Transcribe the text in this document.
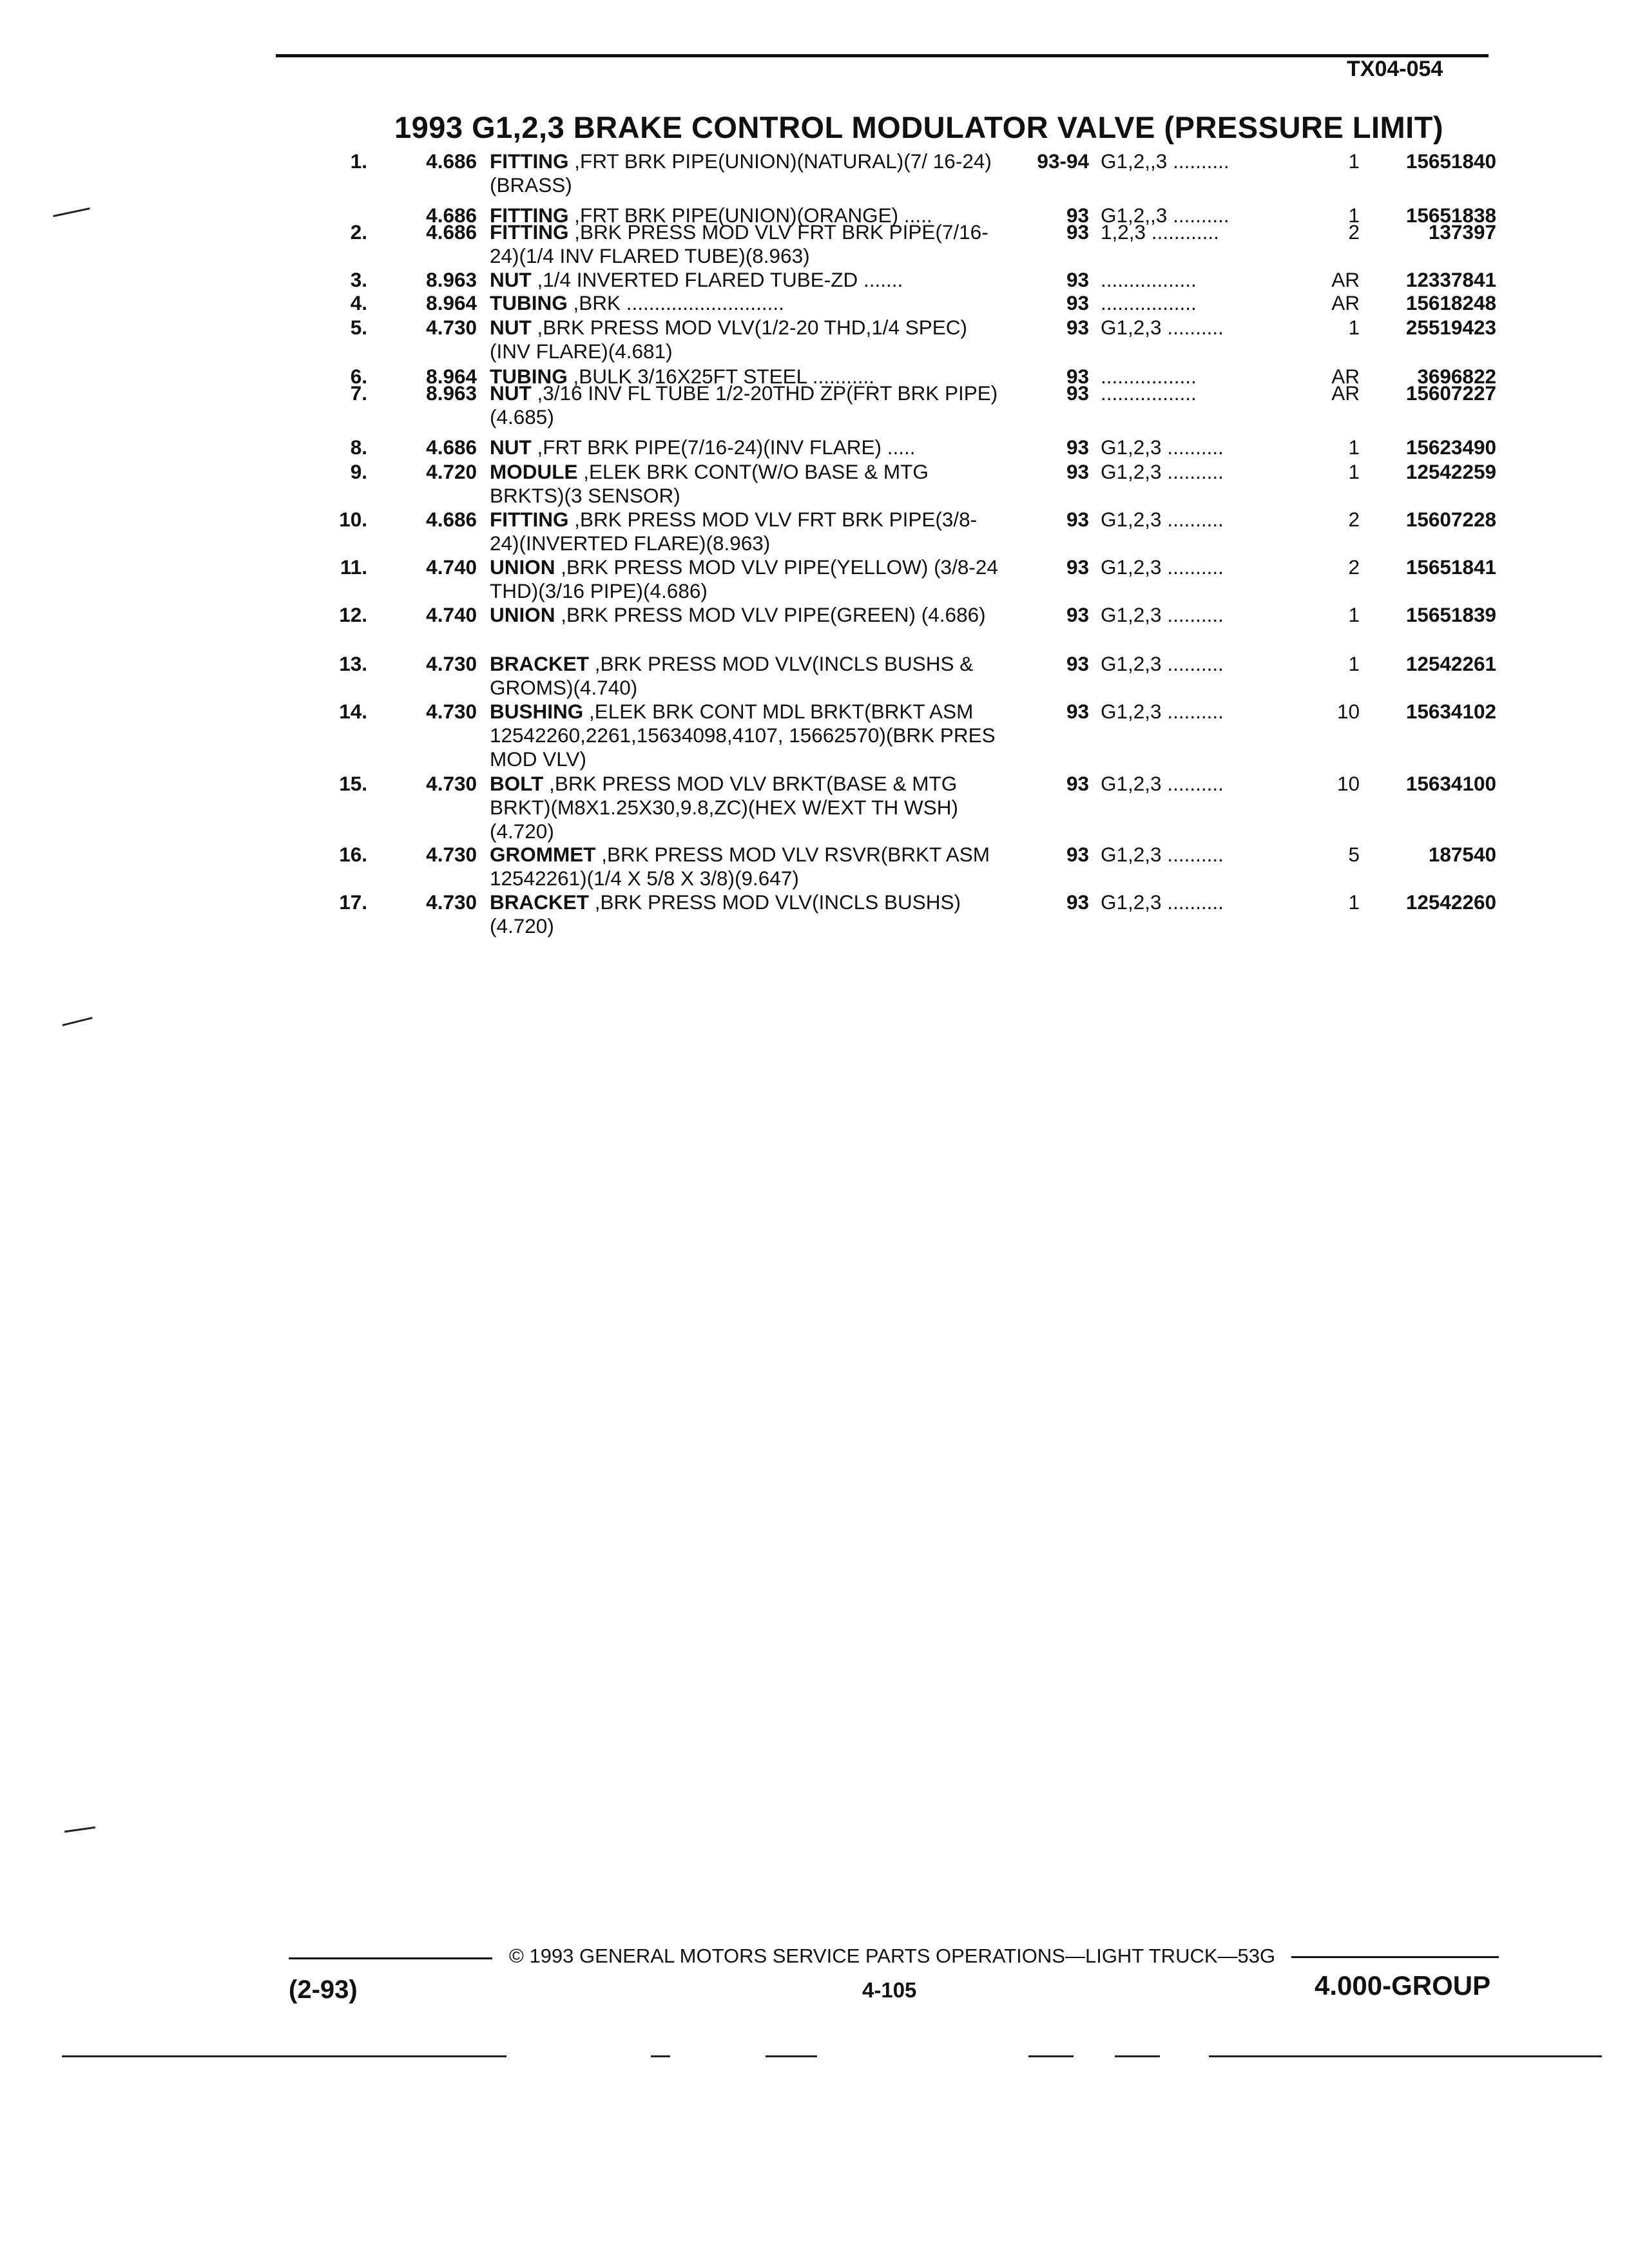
TX04-054
1993 G1,2,3 BRAKE CONTROL MODULATOR VALVE (PRESSURE LIMIT)
1.	4.686 FITTING ,FRT BRK PIPE(UNION)(NATURAL)(7/ 16-24)(BRASS)
93-94 G1,2,,3 ..........	1	15651840
4.686 FITTING ,FRT BRK PIPE(UNION)(ORANGE) .....	93 G1,2,,3 ..........	1	15651838
2.	4.686 FITTING ,BRK PRESS MOD VLV FRT BRK PIPE(7/16-24)(1/4 INV FLARED TUBE)(8.963)
93 1,2,3 ............	2	137397
3.	8.963 NUT ,1/4 INVERTED FLARED TUBE-ZD .......	93 .................	AR	12337841
4.	8.964 TUBING ,BRK ............................	93 .................	AR	15618248
5.	4.730 NUT ,BRK PRESS MOD VLV(1/2-20 THD,1/4 SPEC)(INV FLARE)(4.681)
93 G1,2,3 ..........	1	25519423
6.	8.964 TUBING ,BULK 3/16X25FT STEEL ...........	93 .................	AR	3696822
7.	8.963 NUT ,3/16 INV FL TUBE 1/2-20THD ZP(FRT BRK PIPE)(4.685)
93 .................	AR	15607227
8.	4.686 NUT ,FRT BRK PIPE(7/16-24)(INV FLARE) .....	93 G1,2,3 ..........	1	15623490
9.	4.720 MODULE ,ELEK BRK CONT(W/O BASE & MTG BRKTS)(3 SENSOR)
93 G1,2,3 ..........	1	12542259
10.	4.686 FITTING ,BRK PRESS MOD VLV FRT BRK PIPE(3/8-24)(INVERTED FLARE)(8.963)
93 G1,2,3 ..........	2	15607228
11.	4.740 UNION ,BRK PRESS MOD VLV PIPE(YELLOW) (3/8-24 THD)(3/16 PIPE)(4.686)
93 G1,2,3 ..........	2	15651841
12.	4.740 UNION ,BRK PRESS MOD VLV PIPE(GREEN) (4.686)	93 G1,2,3 ..........	1	15651839
13.	4.730 BRACKET ,BRK PRESS MOD VLV(INCLS BUSHS & GROMS)(4.740)
93 G1,2,3 ..........	1	12542261
14.	4.730 BUSHING ,ELEK BRK CONT MDL BRKT(BRKT ASM 12542260,2261,15634098,4107, 15662570)(BRK PRES MOD VLV)
93 G1,2,3 ..........	10	15634102
15.	4.730 BOLT ,BRK PRESS MOD VLV BRKT(BASE & MTG BRKT)(M8X1.25X30,9.8,ZC)(HEX W/EXT TH WSH)(4.720)
93 G1,2,3 ..........	10	15634100
16.	4.730 GROMMET ,BRK PRESS MOD VLV RSVR(BRKT ASM 12542261)(1/4 X 5/8 X 3/8)(9.647)
93 G1,2,3 ..........	5	187540
17.	4.730 BRACKET ,BRK PRESS MOD VLV(INCLS BUSHS)(4.720)
93 G1,2,3 ..........	1	12542260
© 1993 GENERAL MOTORS SERVICE PARTS OPERATIONS—LIGHT TRUCK—53G
(2-93)	4-105	4.000-GROUP
